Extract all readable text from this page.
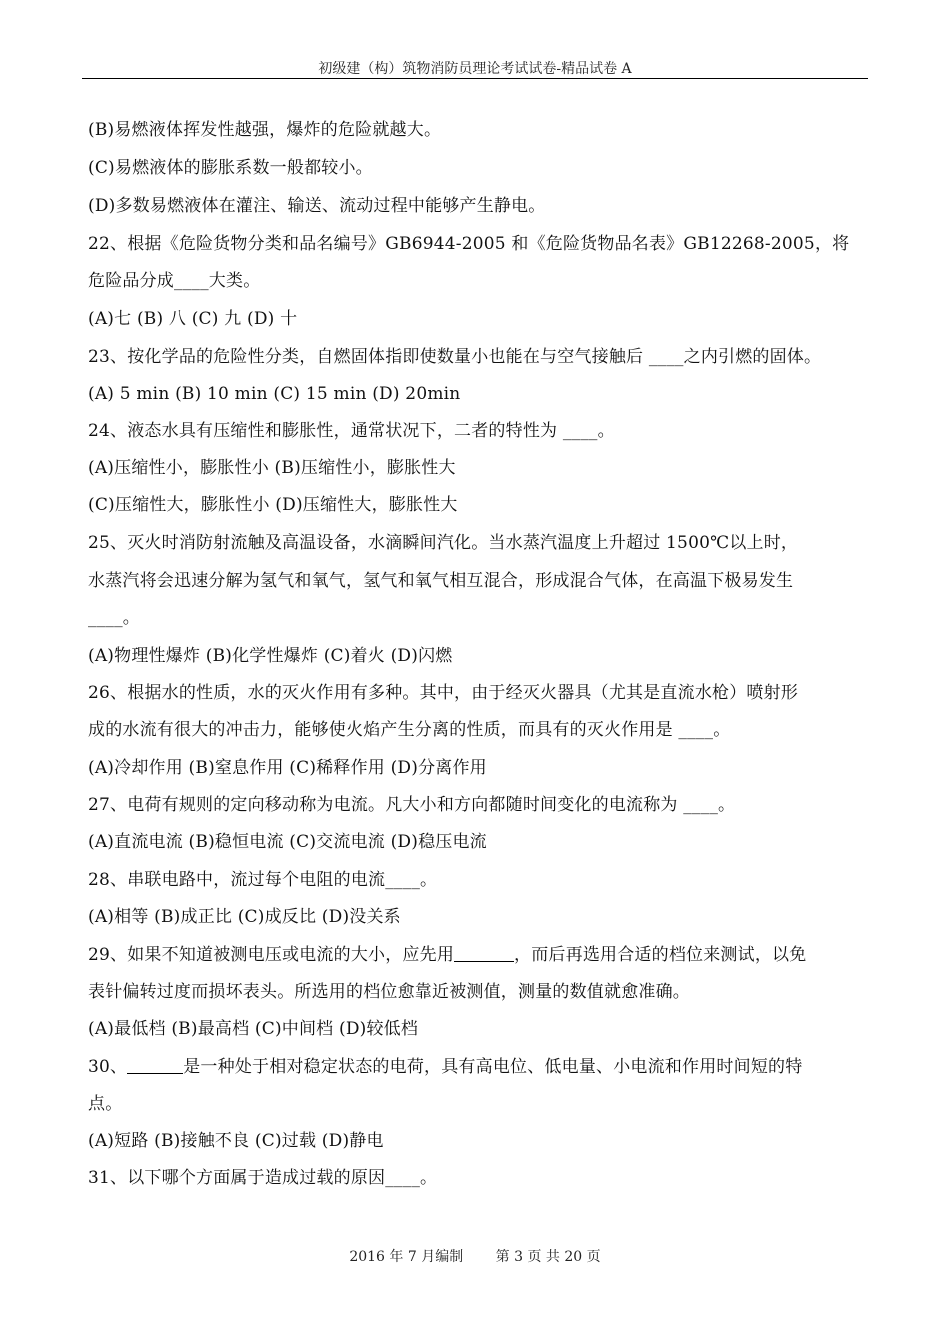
初级建（构）筑物消防员理论考试试卷-精品试卷 A
(B)易燃液体挥发性越强，爆炸的危险就越大。
(C)易燃液体的膨胀系数一般都较小。
(D)多数易燃液体在灌注、输送、流动过程中能够产生静电。
22、根据《危险货物分类和品名编号》GB6944-2005 和《危险货物品名表》GB12268-2005，将
危险品分成____大类。
(A)七 (B) 八 (C) 九 (D) 十
23、按化学品的危险性分类，自燃固体指即使数量小也能在与空气接触后 ____之内引燃的固体。
(A) 5 min (B) 10 min (C) 15 min (D) 20min
24、液态水具有压缩性和膨胀性，通常状况下，二者的特性为 ____。
(A)压缩性小，膨胀性小 (B)压缩性小，膨胀性大
(C)压缩性大，膨胀性小 (D)压缩性大，膨胀性大
25、灭火时消防射流触及高温设备，水滴瞬间汽化。当水蒸汽温度上升超过 1500℃以上时，
水蒸汽将会迅速分解为氢气和氧气，氢气和氧气相互混合，形成混合气体，在高温下极易发生
____。
(A)物理性爆炸 (B)化学性爆炸 (C)着火 (D)闪燃
26、根据水的性质，水的灭火作用有多种。其中，由于经灭火器具（尤其是直流水枪）喷射形
成的水流有很大的冲击力，能够使火焰产生分离的性质，而具有的灭火作用是 ____。
(A)冷却作用 (B)窒息作用 (C)稀释作用 (D)分离作用
27、电荷有规则的定向移动称为电流。凡大小和方向都随时间变化的电流称为 ____。
(A)直流电流 (B)稳恒电流 (C)交流电流 (D)稳压电流
28、串联电路中，流过每个电阻的电流____。
(A)相等 (B)成正比 (C)成反比 (D)没关系
29、如果不知道被测电压或电流的大小，应先用	，而后再选用合适的档位来测试，以免
表针偏转过度而损坏表头。所选用的档位愈靠近被测值，测量的数值就愈准确。
(A)最低档 (B)最高档 (C)中间档 (D)较低档
30、	是一种处于相对稳定状态的电荷，具有高电位、低电量、小电流和作用时间短的特
点。
(A)短路 (B)接触不良 (C)过载 (D)静电
31、以下哪个方面属于造成过载的原因____。
2016 年 7 月编制 第 3 页 共 20 页
